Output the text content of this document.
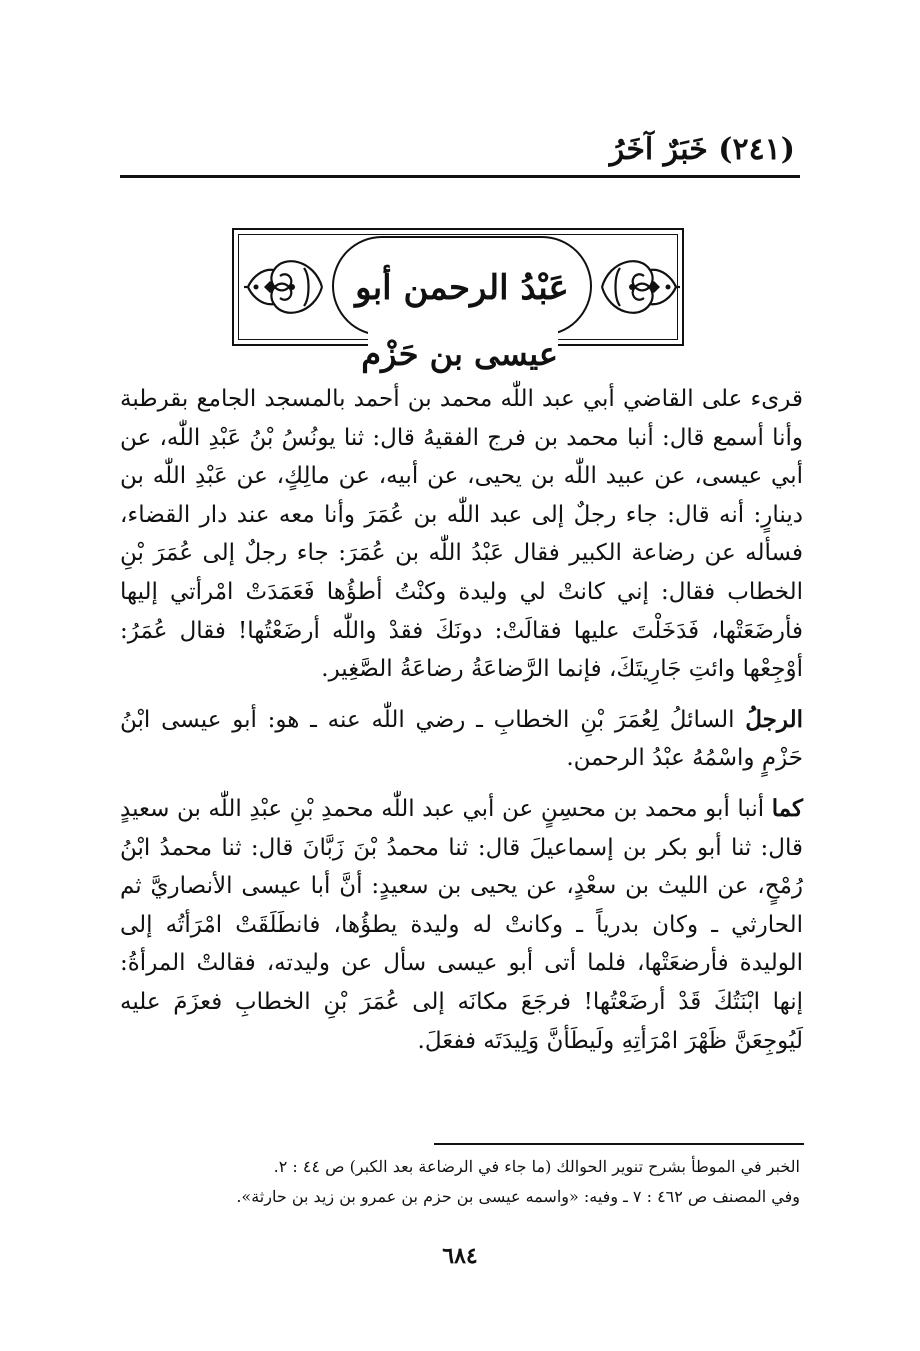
(٢٤١) خَبَرٌ آخَرُ
عَبْدُ الرحمن أبو
عيسى بن حَزْم

قرىء على القاضي أبي عبد اللّٰه محمد بن أحمد بالمسجد الجامع بقرطبة وأنا أسمع قال: أنبا محمد بن فرج الفقيهُ قال: ثنا يونُسُ بْنُ عَبْدِ اللّٰه، عن أبي عيسى، عن عبيد اللّٰه بن يحيى، عن أبيه، عن مالِكٍ، عن عَبْدِ اللّٰه بن دينارٍ: أنه قال: جاء رجلٌ إلى عبد اللّٰه بن عُمَرَ وأنا معه عند دار القضاء، فسأله عن رضاعة الكبير فقال عَبْدُ اللّٰه بن عُمَرَ: جاء رجلٌ إلى عُمَرَ بْنِ الخطاب فقال: إني كانتْ لي وليدة وكنْتُ أطؤُها فَعَمَدَتْ امْرأتي إليها فأرضَعَتْها، فَدَخَلْتَ عليها فقالَتْ: دونَكَ فقدْ واللّٰه أرضَعْتُها! فقال عُمَرُ: أوْجِعْها وائتِ جَارِيتَكَ، فإنما الرَّضاعَةُ رضاعَةُ الصَّغِير.

الرجلُ السائلُ لِعُمَرَ بْنِ الخطابِ ـ رضي اللّٰه عنه ـ هو: أبو عيسى ابْنُ حَزْمٍ واسْمُهُ عبْدُ الرحمن.

كما أنبا أبو محمد بن محسِنٍ عن أبي عبد اللّٰه محمدِ بْنِ عبْدِ اللّٰه بن سعيدٍ قال: ثنا أبو بكر بن إسماعيلَ قال: ثنا محمدُ بْنَ زَبَّانَ قال: ثنا محمدُ ابْنُ رُمْحٍ، عن الليث بن سعْدٍ، عن يحيى بن سعيدٍ: أنَّ أبا عيسى الأنصاريَّ ثم الحارثي ـ وكان بدرياً ـ وكانتْ له وليدة يطؤُها، فانطَلَقَتْ امْرَأتُه إلى الوليدة فأرضعَتْها، فلما أتى أبو عيسى سأل عن وليدته، فقالتْ المرأةُ: إنها ابْنَتُكَ قَدْ أرضَعْتُها! فرجَعَ مكانَه إلى عُمَرَ بْنِ الخطابِ فعزَمَ عليه لَيُوجِعَنَّ ظَهْرَ امْرَأتِهِ ولَيطَأنَّ وَلِيدَتَه ففعَلَ.

الخبر في الموطأ بشرح تنوير الحوالك (ما جاء في الرضاعة بعد الكبر) ص ٤٤ : ٢.

وفي المصنف ص ٤٦٢ : ٧ ـ وفيه: «واسمه عيسى بن حزم بن عمرو بن زيد بن حارثة».

٦٨٤
